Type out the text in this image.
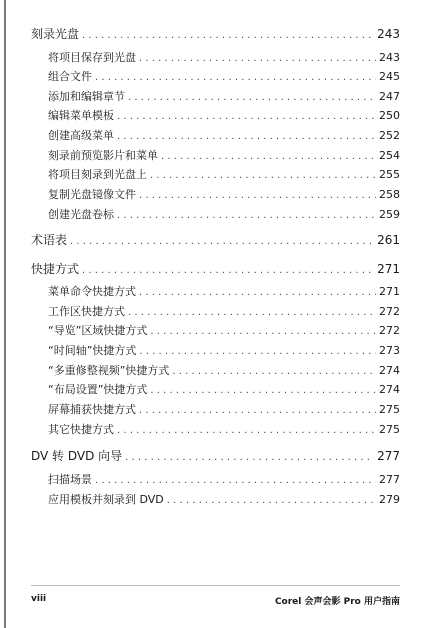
刻录光盘 . . .	243
将项目保存到光盘 . . .	243
组合文件 . . .	245
添加和编辑章节 . . .	247
编辑菜单模板 . . .	250
创建高级菜单 . . .	252
刻录前预览影片和菜单 . . .	254
将项目刻录到光盘上 . . .	255
复制光盘镜像文件 . . .	258
创建光盘卷标 . . .	259
术语表 . . .	261
快捷方式 . . .	271
菜单命令快捷方式 . . .	271
工作区快捷方式 . . .	272
“导览”区域快捷方式 . . .	272
“时间轴”快捷方式 . . .	273
“多重修整视频”快捷方式 . . .	274
“布局设置”快捷方式 . . .	274
屏幕捕获快捷方式 . . .	275
其它快捷方式 . . .	275
DV 转 DVD 向导 . . .	277
扫描场景 . . .	277
应用模板并刻录到 DVD . . .	279
viii	Corel 会声会影 Pro 用户指南
